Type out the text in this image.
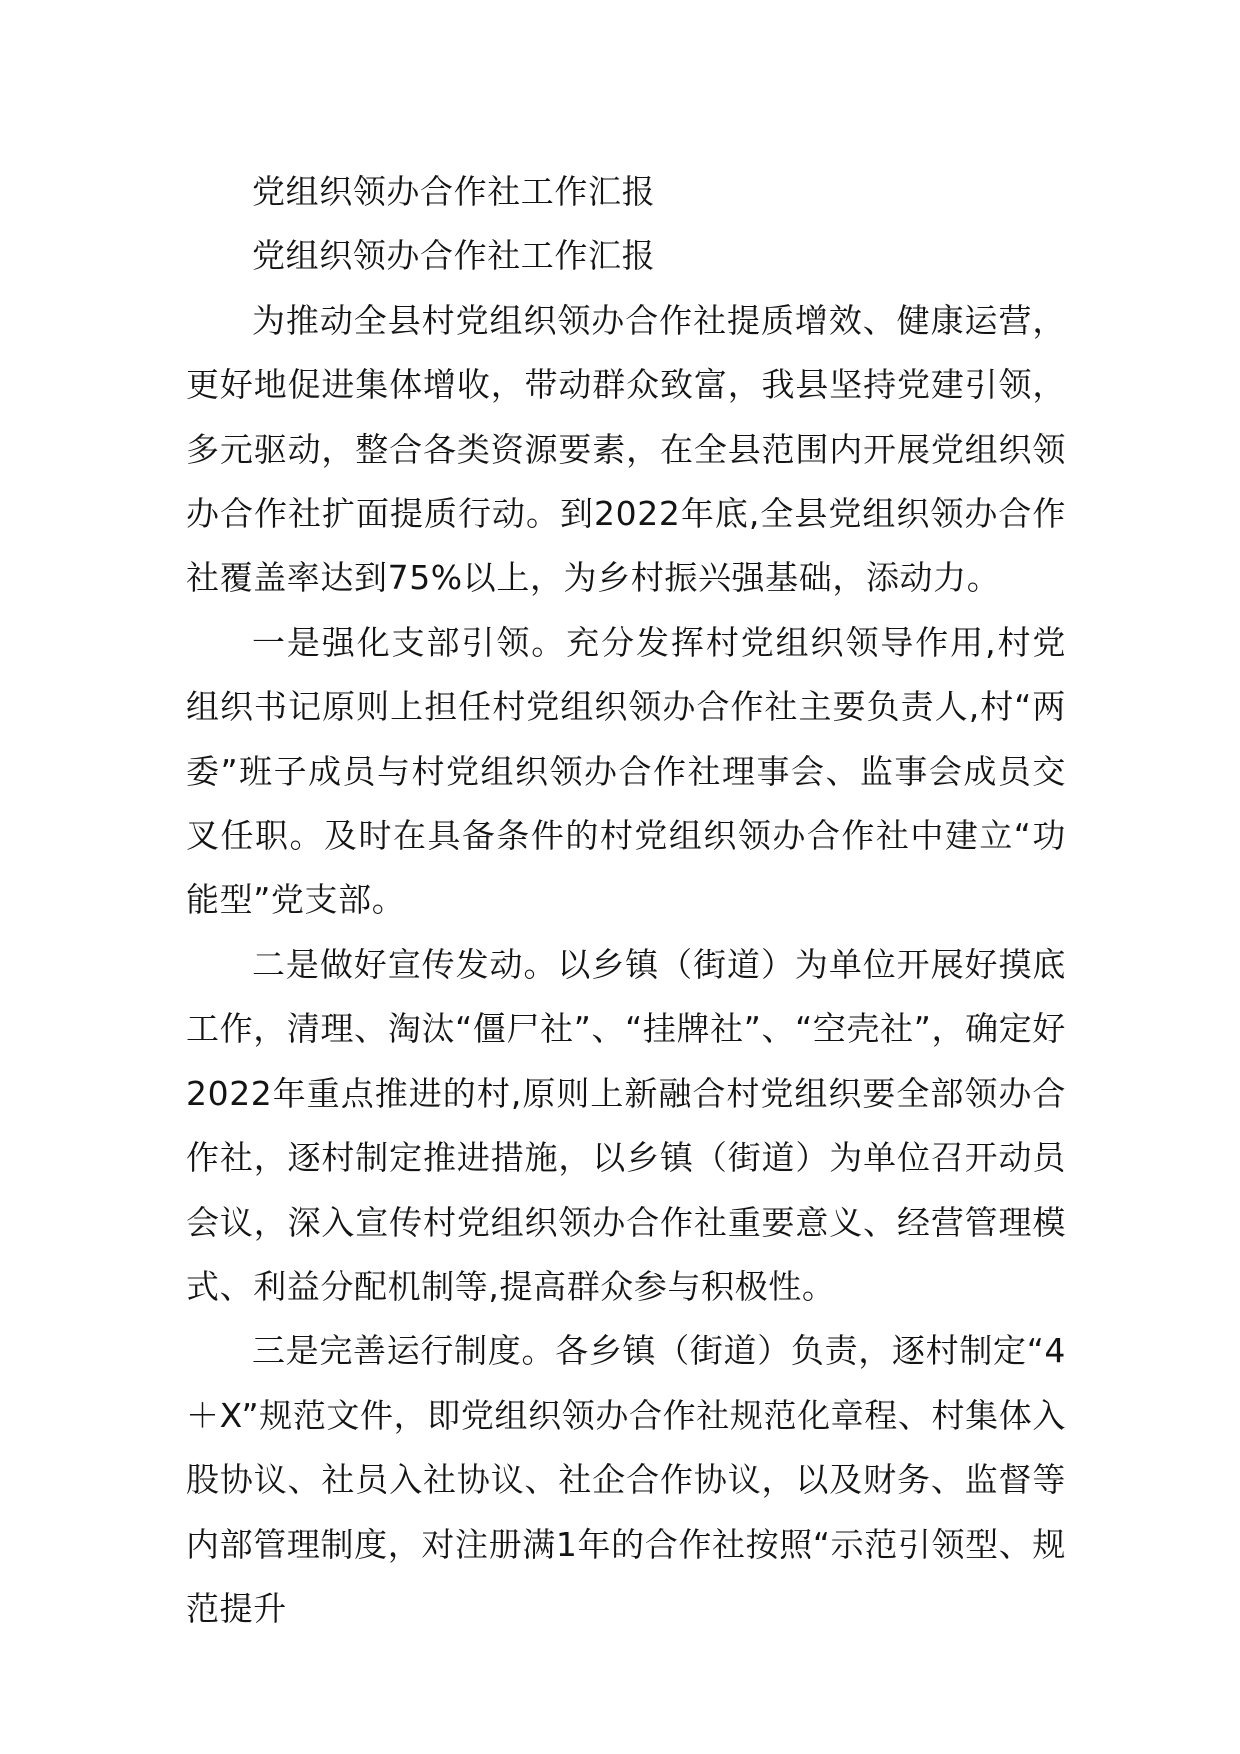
党组织领办合作社工作汇报

党组织领办合作社工作汇报

为推动全县村党组织领办合作社提质增效、健康运营，更好地促进集体增收，带动群众致富，我县坚持党建引领，多元驱动，整合各类资源要素，在全县范围内开展党组织领办合作社扩面提质行动。到2022年底,全县党组织领办合作社覆盖率达到75%以上，为乡村振兴强基础，添动力。

一是强化支部引领。充分发挥村党组织领导作用,村党组织书记原则上担任村党组织领办合作社主要负责人,村“两委”班子成员与村党组织领办合作社理事会、监事会成员交叉任职。及时在具备条件的村党组织领办合作社中建立“功能型”党支部。

二是做好宣传发动。以乡镇（街道）为单位开展好摸底工作，清理、淘汰“僵尸社”、“挂牌社”、“空壳社”，确定好2022年重点推进的村,原则上新融合村党组织要全部领办合作社，逐村制定推进措施，以乡镇（街道）为单位召开动员会议，深入宣传村党组织领办合作社重要意义、经营管理模式、利益分配机制等,提高群众参与积极性。

三是完善运行制度。各乡镇（街道）负责，逐村制定“4＋X”规范文件，即党组织领办合作社规范化章程、村集体入股协议、社员入社协议、社企合作协议，以及财务、监督等内部管理制度，对注册满1年的合作社按照“示范引领型、规范提升
